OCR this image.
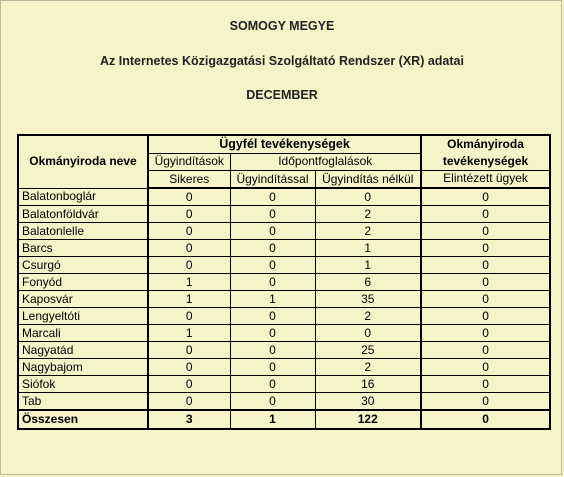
SOMOGY MEGYE
Az Internetes Közigazgatási Szolgáltató Rendszer (XR) adatai
DECEMBER
Okmányiroda neve	Ügyfél tevékenységek			Okmányiroda tevékenységek
	Ügyindítások	Időpontfoglalások		
	Sikeres	Ügyindítással	Ügyindítás nélkül	Elintézett ügyek
Balatonboglár	0	0	0	0
Balatonföldvár	0	0	2	0
Balatonlelle	0	0	2	0
Barcs	0	0	1	0
Csurgó	0	0	1	0
Fonyód	1	0	6	0
Kaposvár	1	1	35	0
Lengyeltóti	0	0	2	0
Marcali	1	0	0	0
Nagyatád	0	0	25	0
Nagybajom	0	0	2	0
Siófok	0	0	16	0
Tab	0	0	30	0
Összesen	3	1	122	0
